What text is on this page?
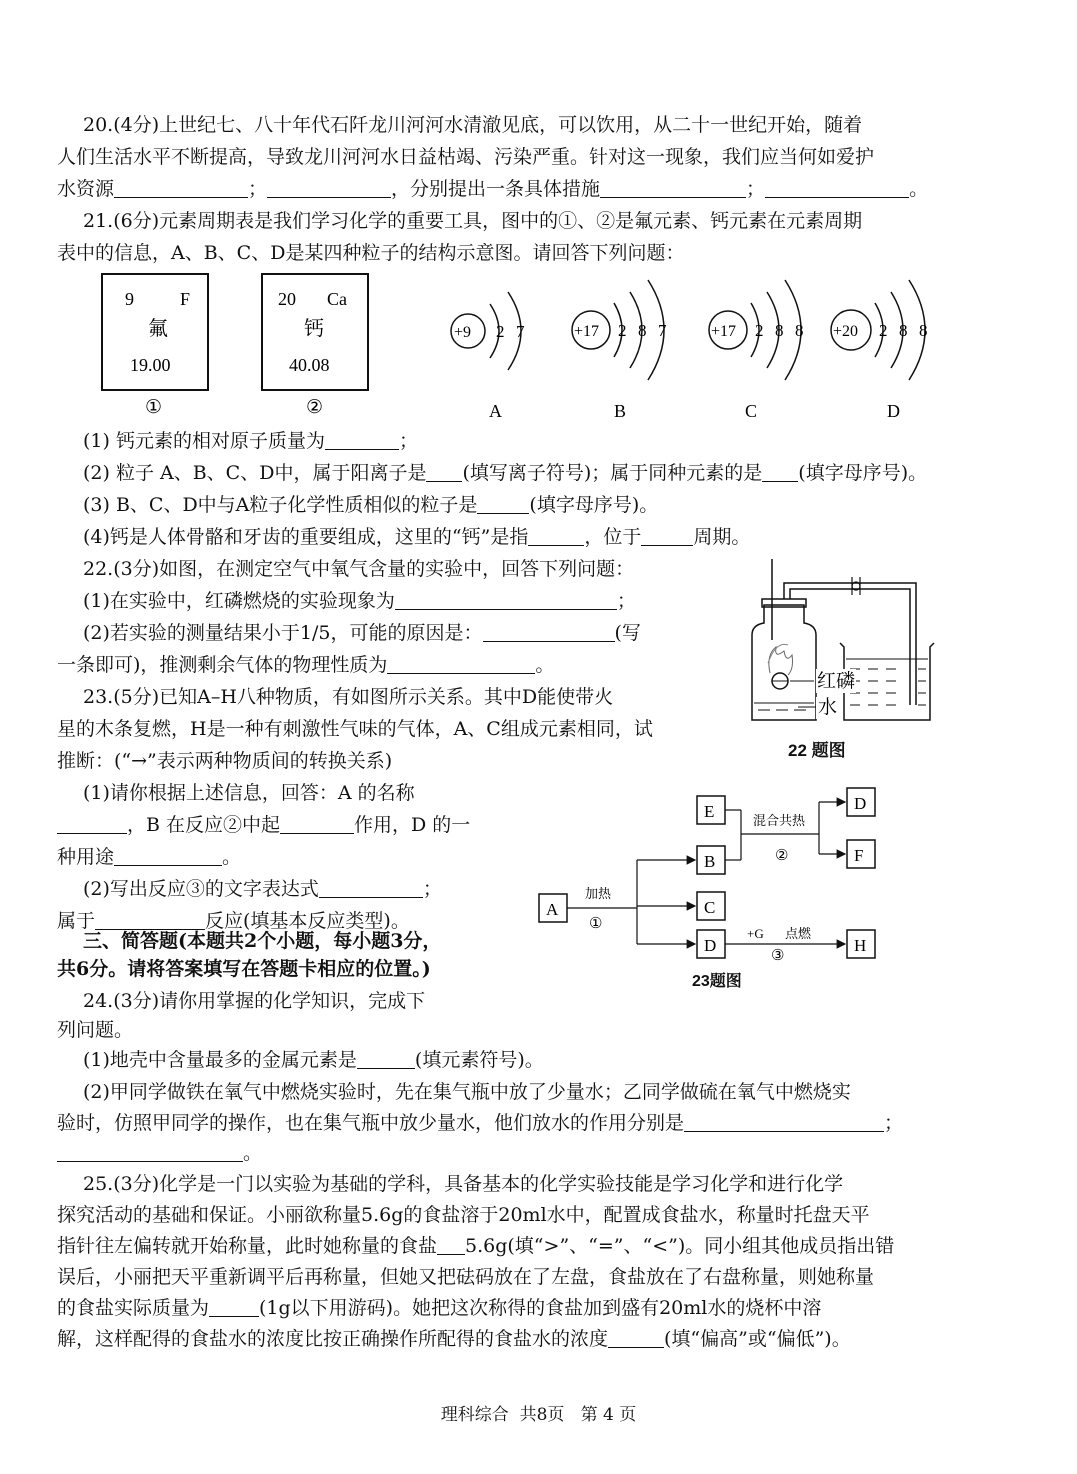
20.(4分)上世纪七、八十年代石阡龙川河河水清澈见底，可以饮用，从二十一世纪开始，随着
人们生活水平不断提高，导致龙川河河水日益枯竭、污染严重。针对这一现象，我们应当何如爱护
水资源	；	，分别提出一条具体措施	；	。
21.(6分)元素周期表是我们学习化学的重要工具，图中的①、②是氟元素、钙元素在元素周期
表中的信息，A、B、C、D是某四种粒子的结构示意图。请回答下列问题：
9	F
氟
19.00
①
20 Ca
钙
40.08
②
+9 2 7
A
+17 2 8 7
B
+17 2 8 8
C
+20 2 8 8
D
(1) 钙元素的相对原子质量为	；
(2) 粒子 A、B、C、D中，属于阳离子是 (填写离子符号)；属于同种元素的是 (填字母序号)。
(3) B、C、D中与A粒子化学性质相似的粒子是	(填字母序号)。
(4)钙是人体骨骼和牙齿的重要组成，这里的“钙”是指	，位于	周期。
22.(3分)如图，在测定空气中氧气含量的实验中，回答下列问题：
(1)在实验中，红磷燃烧的实验现象为	；
(2)若实验的测量结果小于1/5，可能的原因是：	(写
一条即可)，推测剩余气体的物理性质为	。
红磷
水
22 题图
23.(5分)已知A–H八种物质，有如图所示关系。其中D能使带火
星的木条复燃，H是一种有刺激性气味的气体，A、C组成元素相同，试
推断：(“→”表示两种物质间的转换关系)
(1)请你根据上述信息，回答：A 的名称
，B 在反应②中起	作用，D 的一
种用途	。
(2)写出反应③的文字表达式	；
属于	反应(填基本反应类型)。
A
E
B
C
D
D
F
H
加热
①
混合共热
②
+G 点燃
③
23题图
三、简答题(本题共2个小题，每小题3分，
共6分。请将答案填写在答题卡相应的位置。)
24.(3分)请你用掌握的化学知识，完成下
列问题。
(1)地壳中含量最多的金属元素是	(填元素符号)。
(2)甲同学做铁在氧气中燃烧实验时，先在集气瓶中放了少量水；乙同学做硫在氧气中燃烧实
验时，仿照甲同学的操作，也在集气瓶中放少量水，他们放水的作用分别是	；
。
25.(3分)化学是一门以实验为基础的学科，具备基本的化学实验技能是学习化学和进行化学
探究活动的基础和保证。小丽欲称量5.6g的食盐溶于20ml水中，配置成食盐水，称量时托盘天平
指针往左偏转就开始称量，此时她称量的食盐 5.6g(填“>”、“=”、“<”)。同小组其他成员指出错
误后，小丽把天平重新调平后再称量，但她又把砝码放在了左盘，食盐放在了右盘称量，则她称量
的食盐实际质量为	(1g以下用游码)。她把这次称得的食盐加到盛有20ml水的烧杯中溶
解，这样配得的食盐水的浓度比按正确操作所配得的食盐水的浓度	(填“偏高”或“偏低”)。
理科综合  共8页   第 4 页
